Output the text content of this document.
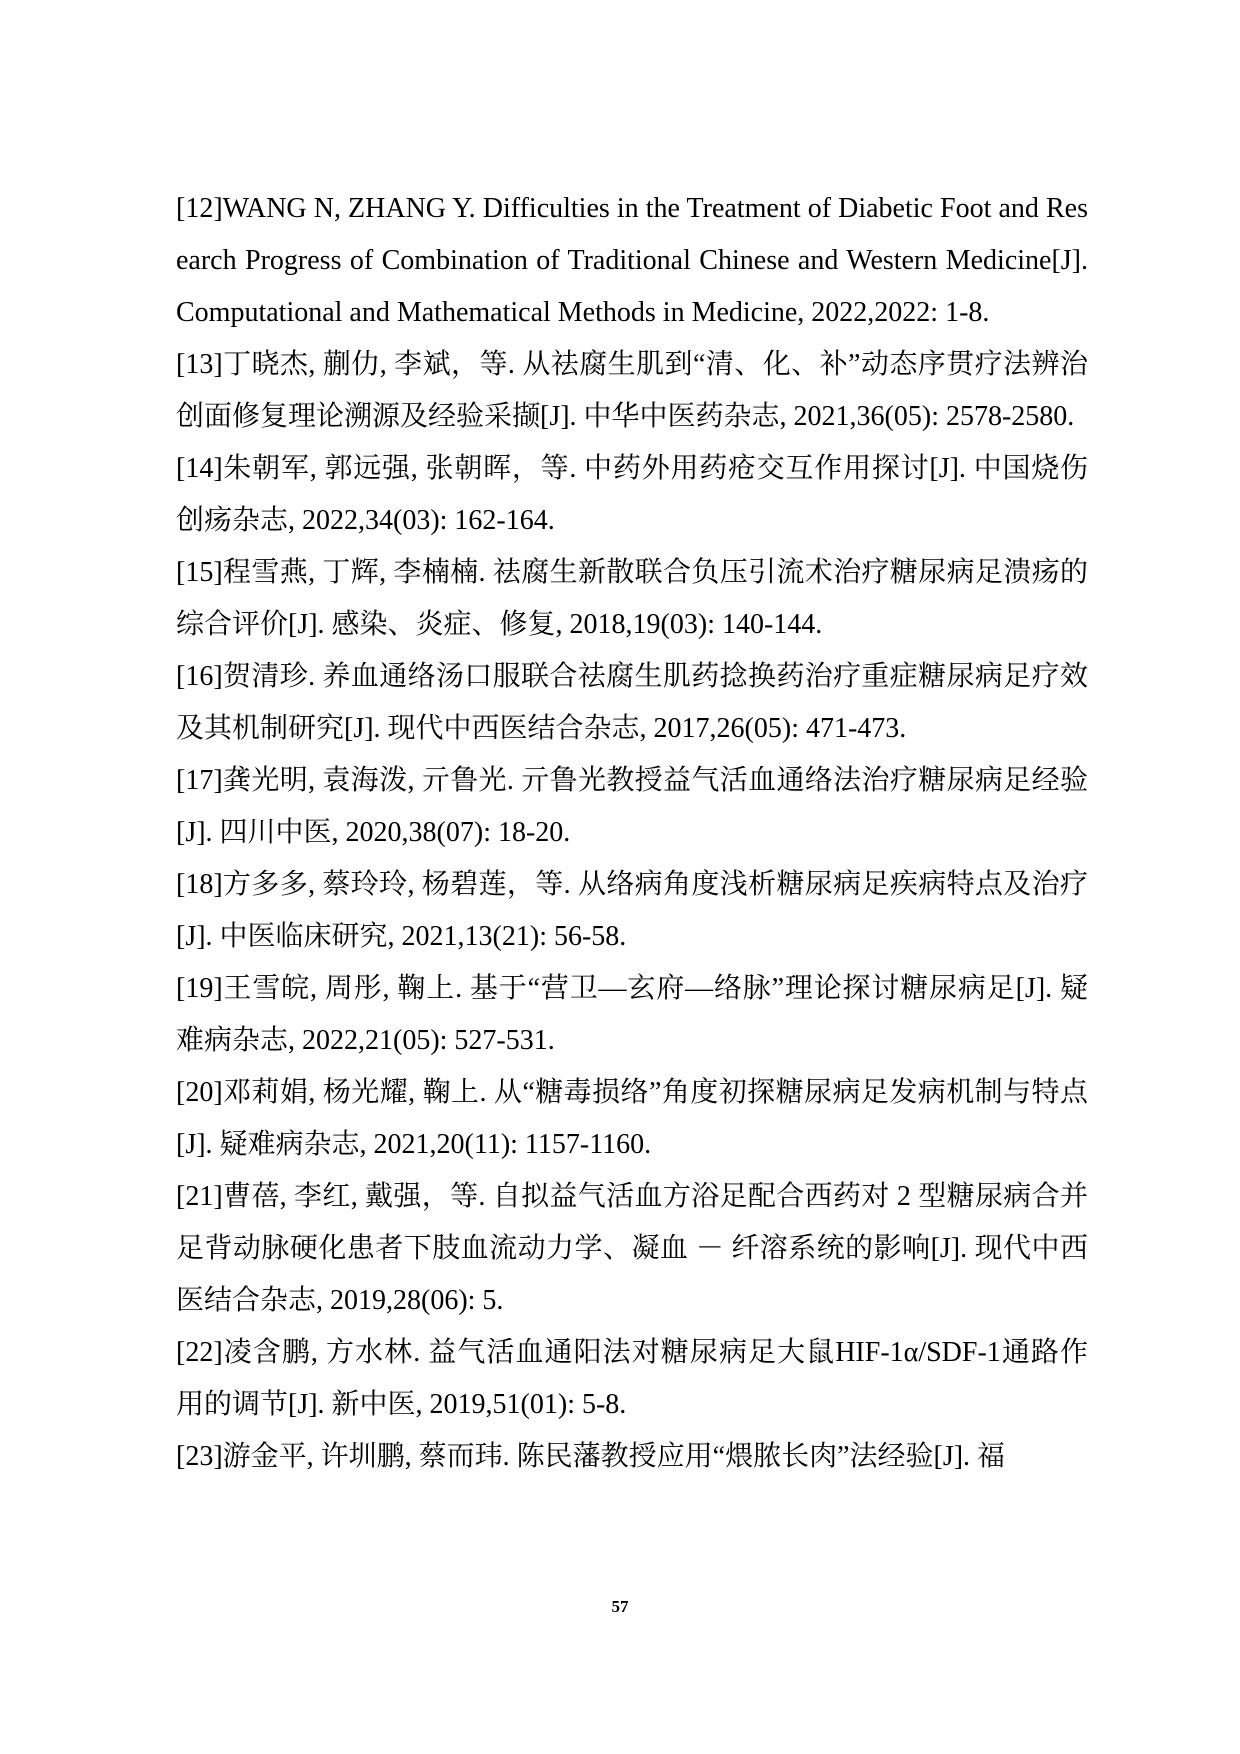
[12]WANG N, ZHANG Y. Difficulties in the Treatment of Diabetic Foot and Research Progress of Combination of Traditional Chinese and Western Medicine[J]. Computational and Mathematical Methods in Medicine, 2022,2022: 1-8.
[13]丁晓杰, 蒯仂, 李斌，等. 从祛腐生肌到“清、化、补”动态序贯疗法辨治创面修复理论溯源及经验采撷[J]. 中华中医药杂志, 2021,36(05): 2578-2580.
[14]朱朝军, 郭远强, 张朝晖，等. 中药外用药疮交互作用探讨[J]. 中国烧伤创疡杂志, 2022,34(03): 162-164.
[15]程雪燕, 丁辉, 李楠楠. 祛腐生新散联合负压引流术治疗糖尿病足溃疡的综合评价[J]. 感染、炎症、修复, 2018,19(03): 140-144.
[16]贺清珍. 养血通络汤口服联合祛腐生肌药捻换药治疗重症糖尿病足疗效及其机制研究[J]. 现代中西医结合杂志, 2017,26(05): 471-473.
[17]龚光明, 袁海泼, 亓鲁光. 亓鲁光教授益气活血通络法治疗糖尿病足经验[J]. 四川中医, 2020,38(07): 18-20.
[18]方多多, 蔡玲玲, 杨碧莲，等. 从络病角度浅析糖尿病足疾病特点及治疗[J]. 中医临床研究, 2021,13(21): 56-58.
[19]王雪皖, 周彤, 鞠上. 基于“营卫—玄府—络脉”理论探讨糖尿病足[J]. 疑难病杂志, 2022,21(05): 527-531.
[20]邓莉娟, 杨光耀, 鞠上. 从“糖毒损络”角度初探糖尿病足发病机制与特点[J]. 疑难病杂志, 2021,20(11): 1157-1160.
[21]曹蓓, 李红, 戴强，等. 自拟益气活血方浴足配合西药对 2 型糖尿病合并足背动脉硬化患者下肢血流动力学、凝血 － 纤溶系统的影响[J]. 现代中西医结合杂志, 2019,28(06): 5.
[22]凌含鹏, 方水林. 益气活血通阳法对糖尿病足大鼠HIF-1α/SDF-1通路作用的调节[J]. 新中医, 2019,51(01): 5-8.
[23]游金平, 许圳鹏, 蔡而玮. 陈民藩教授应用“煨脓长肉”法经验[J]. 福
57
